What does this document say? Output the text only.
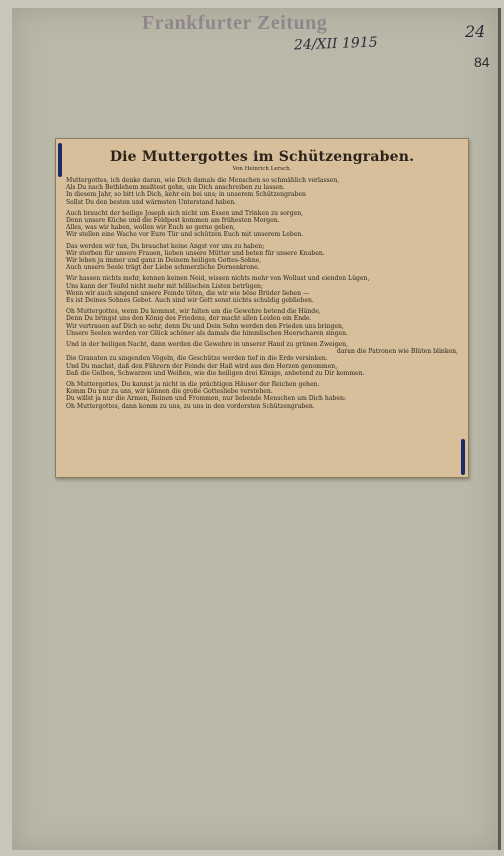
Frankfurter Zeitung
24/XII 1915
24
84
Die Muttergottes im Schützengraben.
Von Heinrich Lersch.
Muttergottes, ich denke daran, wie Dich damals die Menschen so schmählich verlassen,
Als Du nach Bethlehem mußtest gehn, um Dich anschreiben zu lassen.
In diesem Jahr, so bitt ich Dich, kehr ein bei uns; in unserem Schützengraben
Sollst Du den besten und wärmsten Unterstand haben.
Auch braucht der heilige Joseph sich nicht um Essen und Trinken zu sorgen,
Denn unsere Küche und die Feldpost kommen am frühesten Morgen.
Alles, was wir haben, wollen wir Euch so gerne geben,
Wir stellen eine Wache vor Eure Tür und schützen Euch mit unserem Leben.
Das werden wir tun, Du brauchst keine Angst vor uns zu haben;
Wir sterben für unsere Frauen, lieben unsere Mütter und beten für unsere Knaben.
Wir leben ja immer und ganz in Deinem heiligen Gottes-Sohne,
Auch unsere Seele trägt der Liebe schmerzliche Dornenkrone.
Wir hassen nichts mehr, kennen keinen Neid, wissen nichts mehr von Wollust und eienden Lügen,
Uns kann der Teufel nicht mehr mit höllischen Listen betrügen;
Wenn wir auch singend unsere Feinde töten, die wir wie böse Brüder lieben —
Es ist Deines Sohnes Gebot. Auch sind wir Gott sonst nichts schuldig geblieben.
Oh Muttergottes, wenn Du kommst, wir falten um die Gewehre betend die Hände,
Denn Du bringst uns den König des Friedens, der macht allen Leiden ein Ende.
Wir vertrauen auf Dich so sehr, denn Du und Dein Sohn werden den Frieden uns bringen,
Unsere Seelen werden vor Glück schöner als damals die himmlischen Heerscharen singen.
Und in der heiligen Nacht, dann werden die Gewehre in unserer Hand zu grünen Zweigen,
daran die Patronen wie Blüten blinken,
Die Granaten zu singenden Vögeln, die Geschütze werden tief in die Erde versinken.
Und Du machst, daß den Führern der Feinde der Haß wird aus den Herzen genommen,
Daß die Gelben, Schwarzen und Weißen, wie die heiligen drei Könige, anbetend zu Dir kommen.
Oh Muttergottes, Du kannst ja nicht in die prächtigen Häuser der Reichen gehen.
Komm Du nur zu uns, wir können die große Gottesliebe verstehen.
Du willst ja nur die Armen, Reinen und Frommen, nur liebende Menschen um Dich haben:
Oh Muttergottes, dann komm zu uns, zu uns in den vordersten Schützengraben.
